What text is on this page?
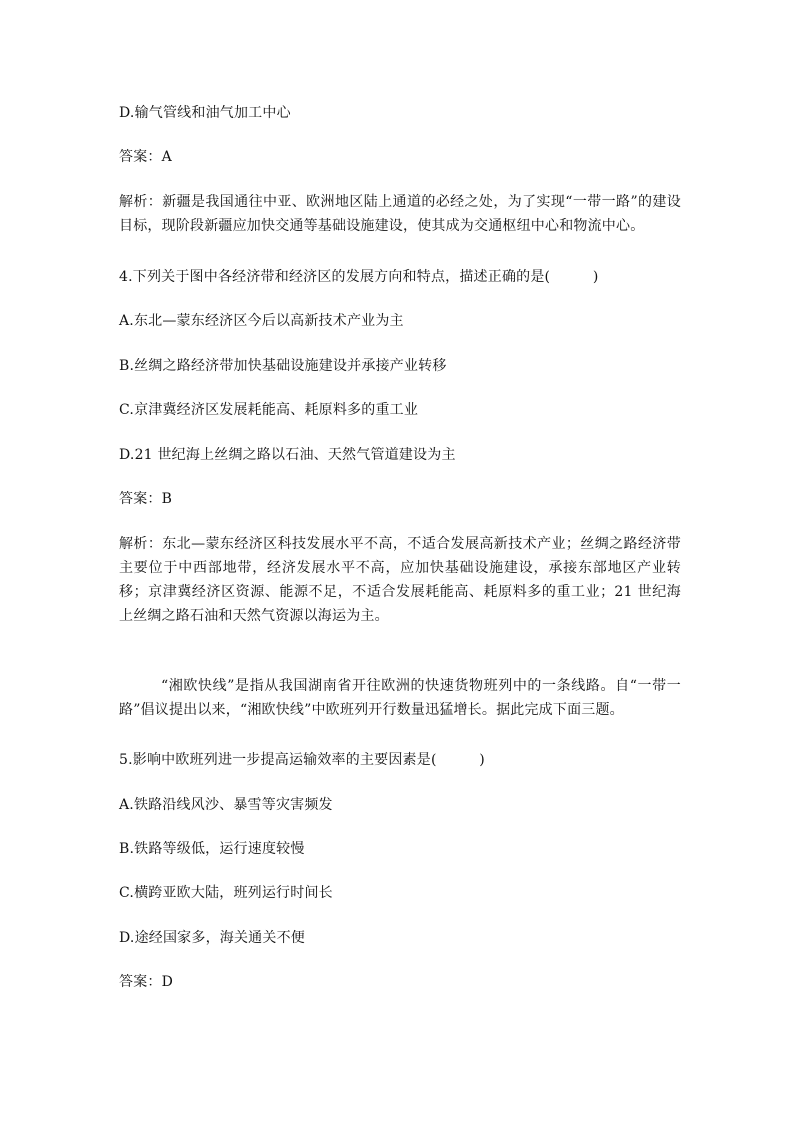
D.输气管线和油气加工中心
答案：A
解析：新疆是我国通往中亚、欧洲地区陆上通道的必经之处，为了实现“一带一路”的建设目标，现阶段新疆应加快交通等基础设施建设，使其成为交通枢纽中心和物流中心。
4.下列关于图中各经济带和经济区的发展方向和特点，描述正确的是(　　　)
A.东北—蒙东经济区今后以高新技术产业为主
B.丝绸之路经济带加快基础设施建设并承接产业转移
C.京津冀经济区发展耗能高、耗原料多的重工业
D.21 世纪海上丝绸之路以石油、天然气管道建设为主
答案：B
解析：东北—蒙东经济区科技发展水平不高，不适合发展高新技术产业；丝绸之路经济带主要位于中西部地带，经济发展水平不高，应加快基础设施建设，承接东部地区产业转移；京津冀经济区资源、能源不足，不适合发展耗能高、耗原料多的重工业；21 世纪海上丝绸之路石油和天然气资源以海运为主。
“湘欧快线”是指从我国湖南省开往欧洲的快速货物班列中的一条线路。自“一带一路”倡议提出以来，“湘欧快线”中欧班列开行数量迅猛增长。据此完成下面三题。
5.影响中欧班列进一步提高运输效率的主要因素是(　　　)
A.铁路沿线风沙、暴雪等灾害频发
B.铁路等级低，运行速度较慢
C.横跨亚欧大陆，班列运行时间长
D.途经国家多，海关通关不便
答案：D
